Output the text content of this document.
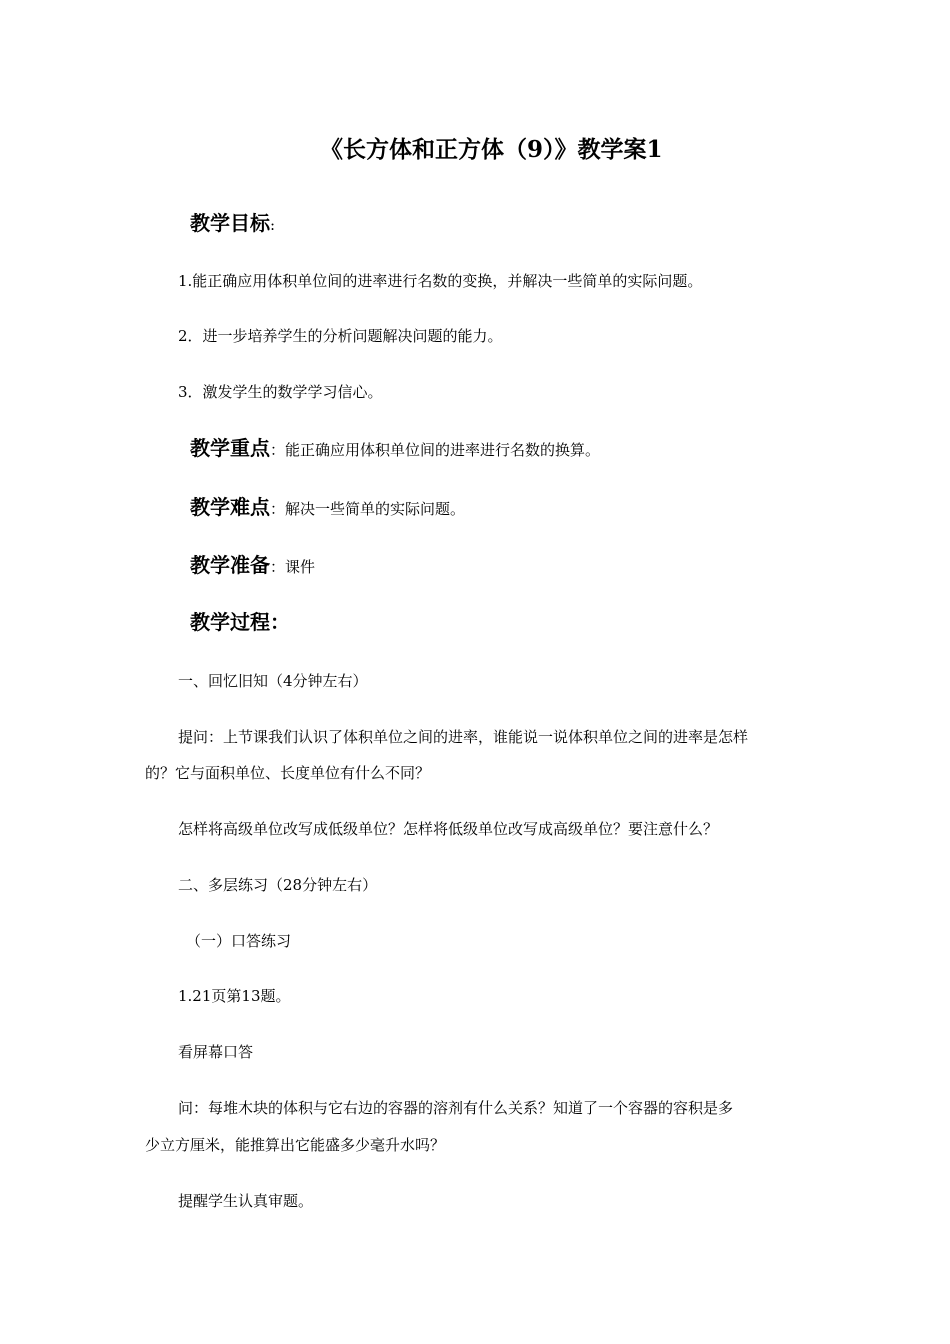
《长方体和正方体（9）》教学案1
教学目标:
1.能正确应用体积单位间的进率进行名数的变换，并解决一些简单的实际问题。
2．进一步培养学生的分析问题解决问题的能力。
3．激发学生的数学学习信心。
教学重点：能正确应用体积单位间的进率进行名数的换算。
教学难点：解决一些简单的实际问题。
教学准备：课件
教学过程：
一、回忆旧知（4分钟左右）
提问：上节课我们认识了体积单位之间的进率，谁能说一说体积单位之间的进率是怎样
的？它与面积单位、长度单位有什么不同？
怎样将高级单位改写成低级单位？怎样将低级单位改写成高级单位？要注意什么？
二、多层练习（28分钟左右）
（一）口答练习
1.21页第13题。
看屏幕口答
问：每堆木块的体积与它右边的容器的溶剂有什么关系？知道了一个容器的容积是多
少立方厘米，能推算出它能盛多少毫升水吗？
提醒学生认真审题。
